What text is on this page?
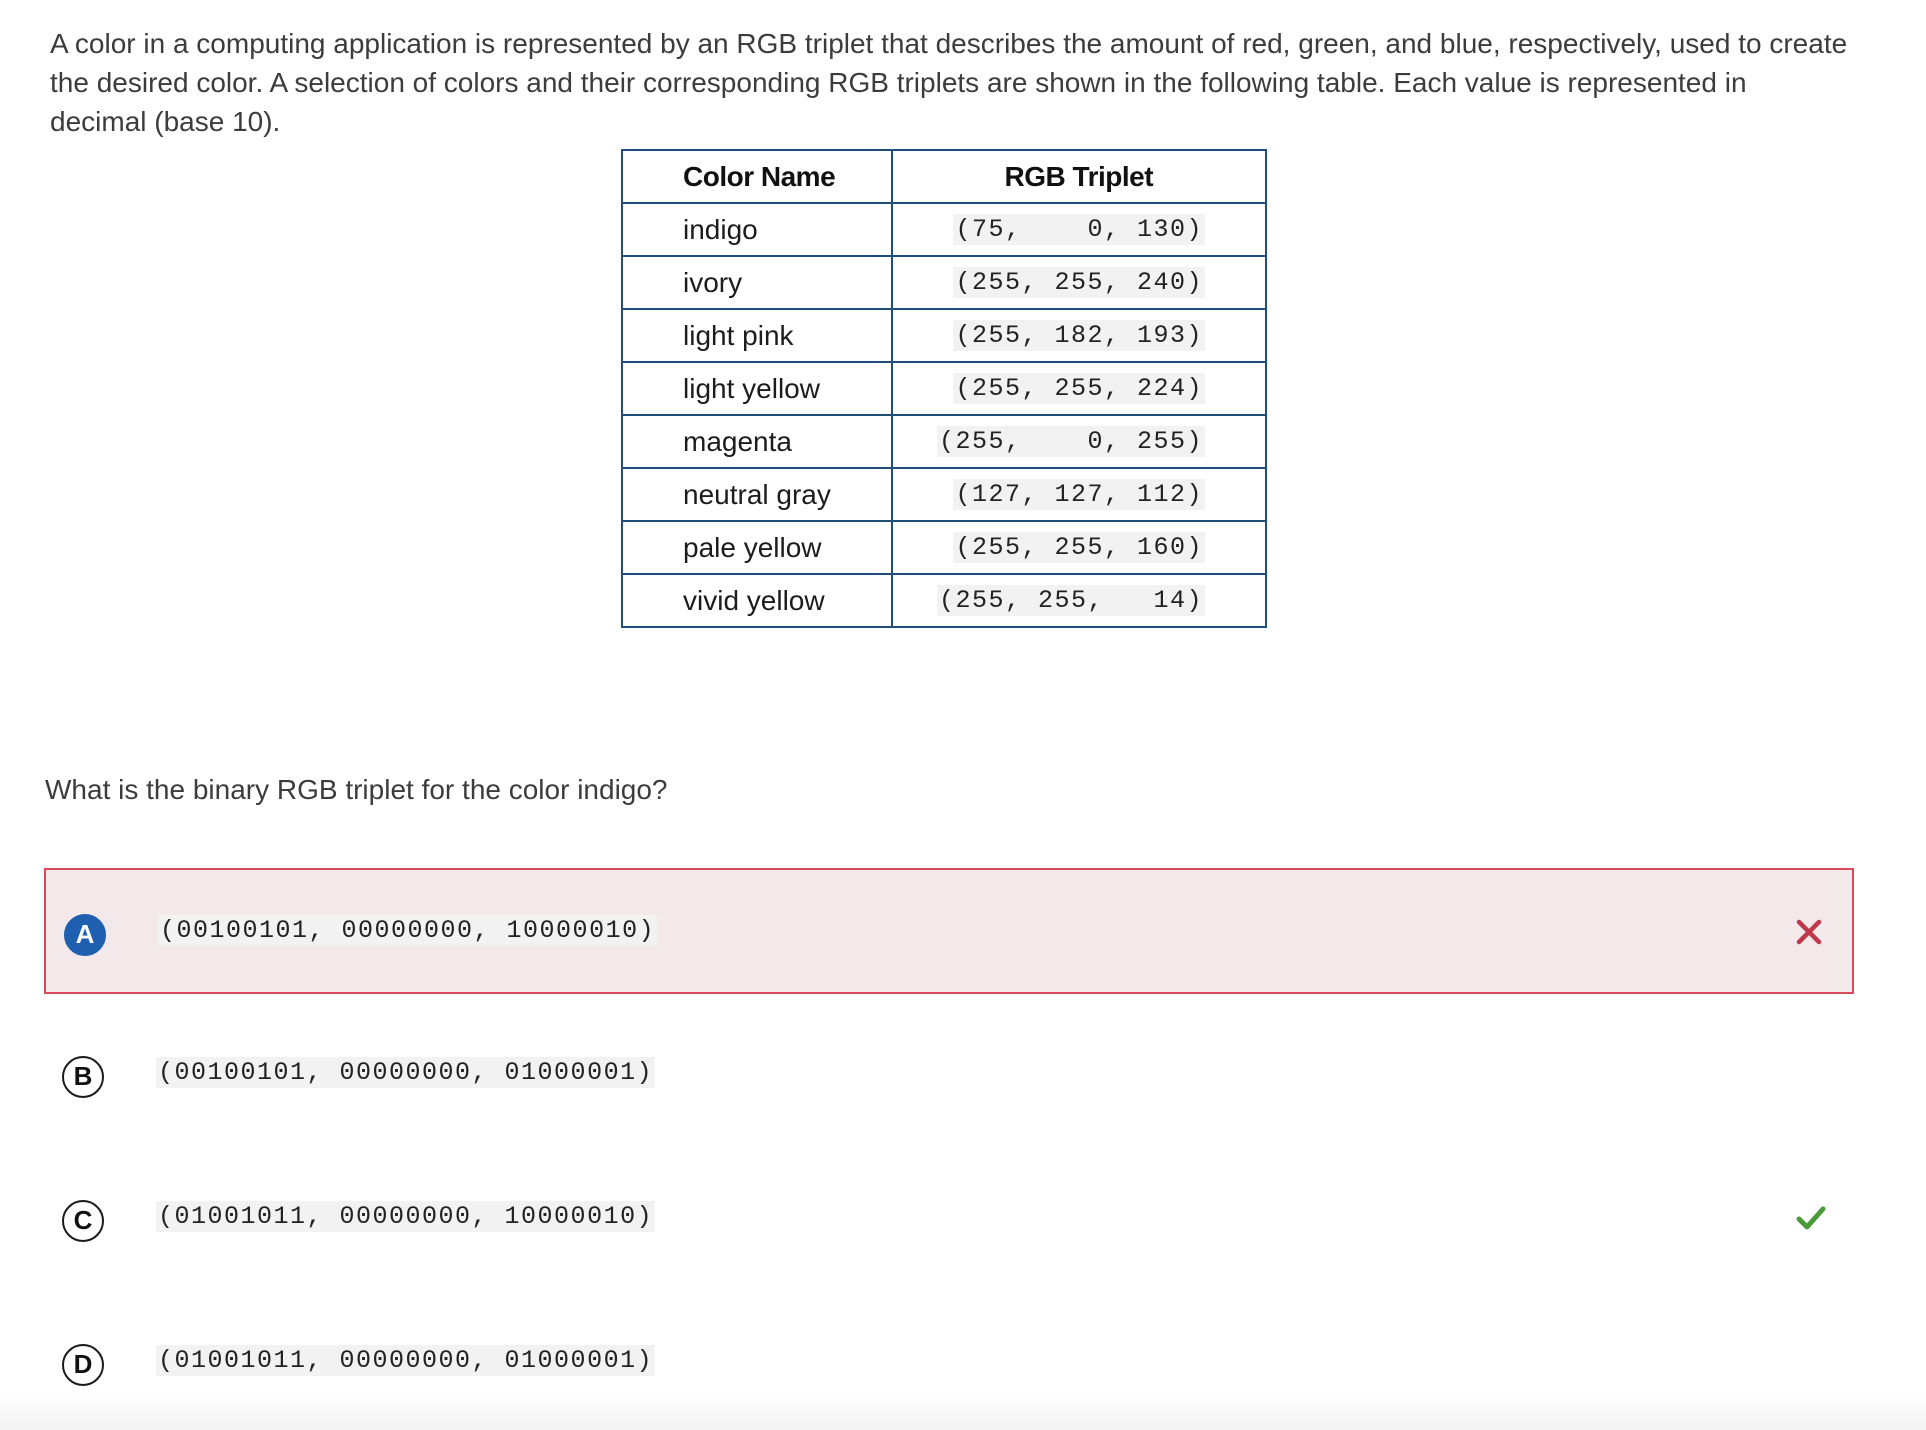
A color in a computing application is represented by an RGB triplet that describes the amount of red, green, and blue, respectively, used to create the desired color. A selection of colors and their corresponding RGB triplets are shown in the following table. Each value is represented in decimal (base 10).
Color Name	RGB Triplet
indigo	(75,    0, 130)
ivory	(255, 255, 240)
light pink	(255, 182, 193)
light yellow	(255, 255, 224)
magenta	(255,    0, 255)
neutral gray	(127, 127, 112)
pale yellow	(255, 255, 160)
vivid yellow	(255, 255,   14)
What is the binary RGB triplet for the color indigo?
A	(00100101, 00000000, 10000010)
B	(00100101, 00000000, 01000001)
C	(01001011, 00000000, 10000010)
D	(01001011, 00000000, 01000001)
